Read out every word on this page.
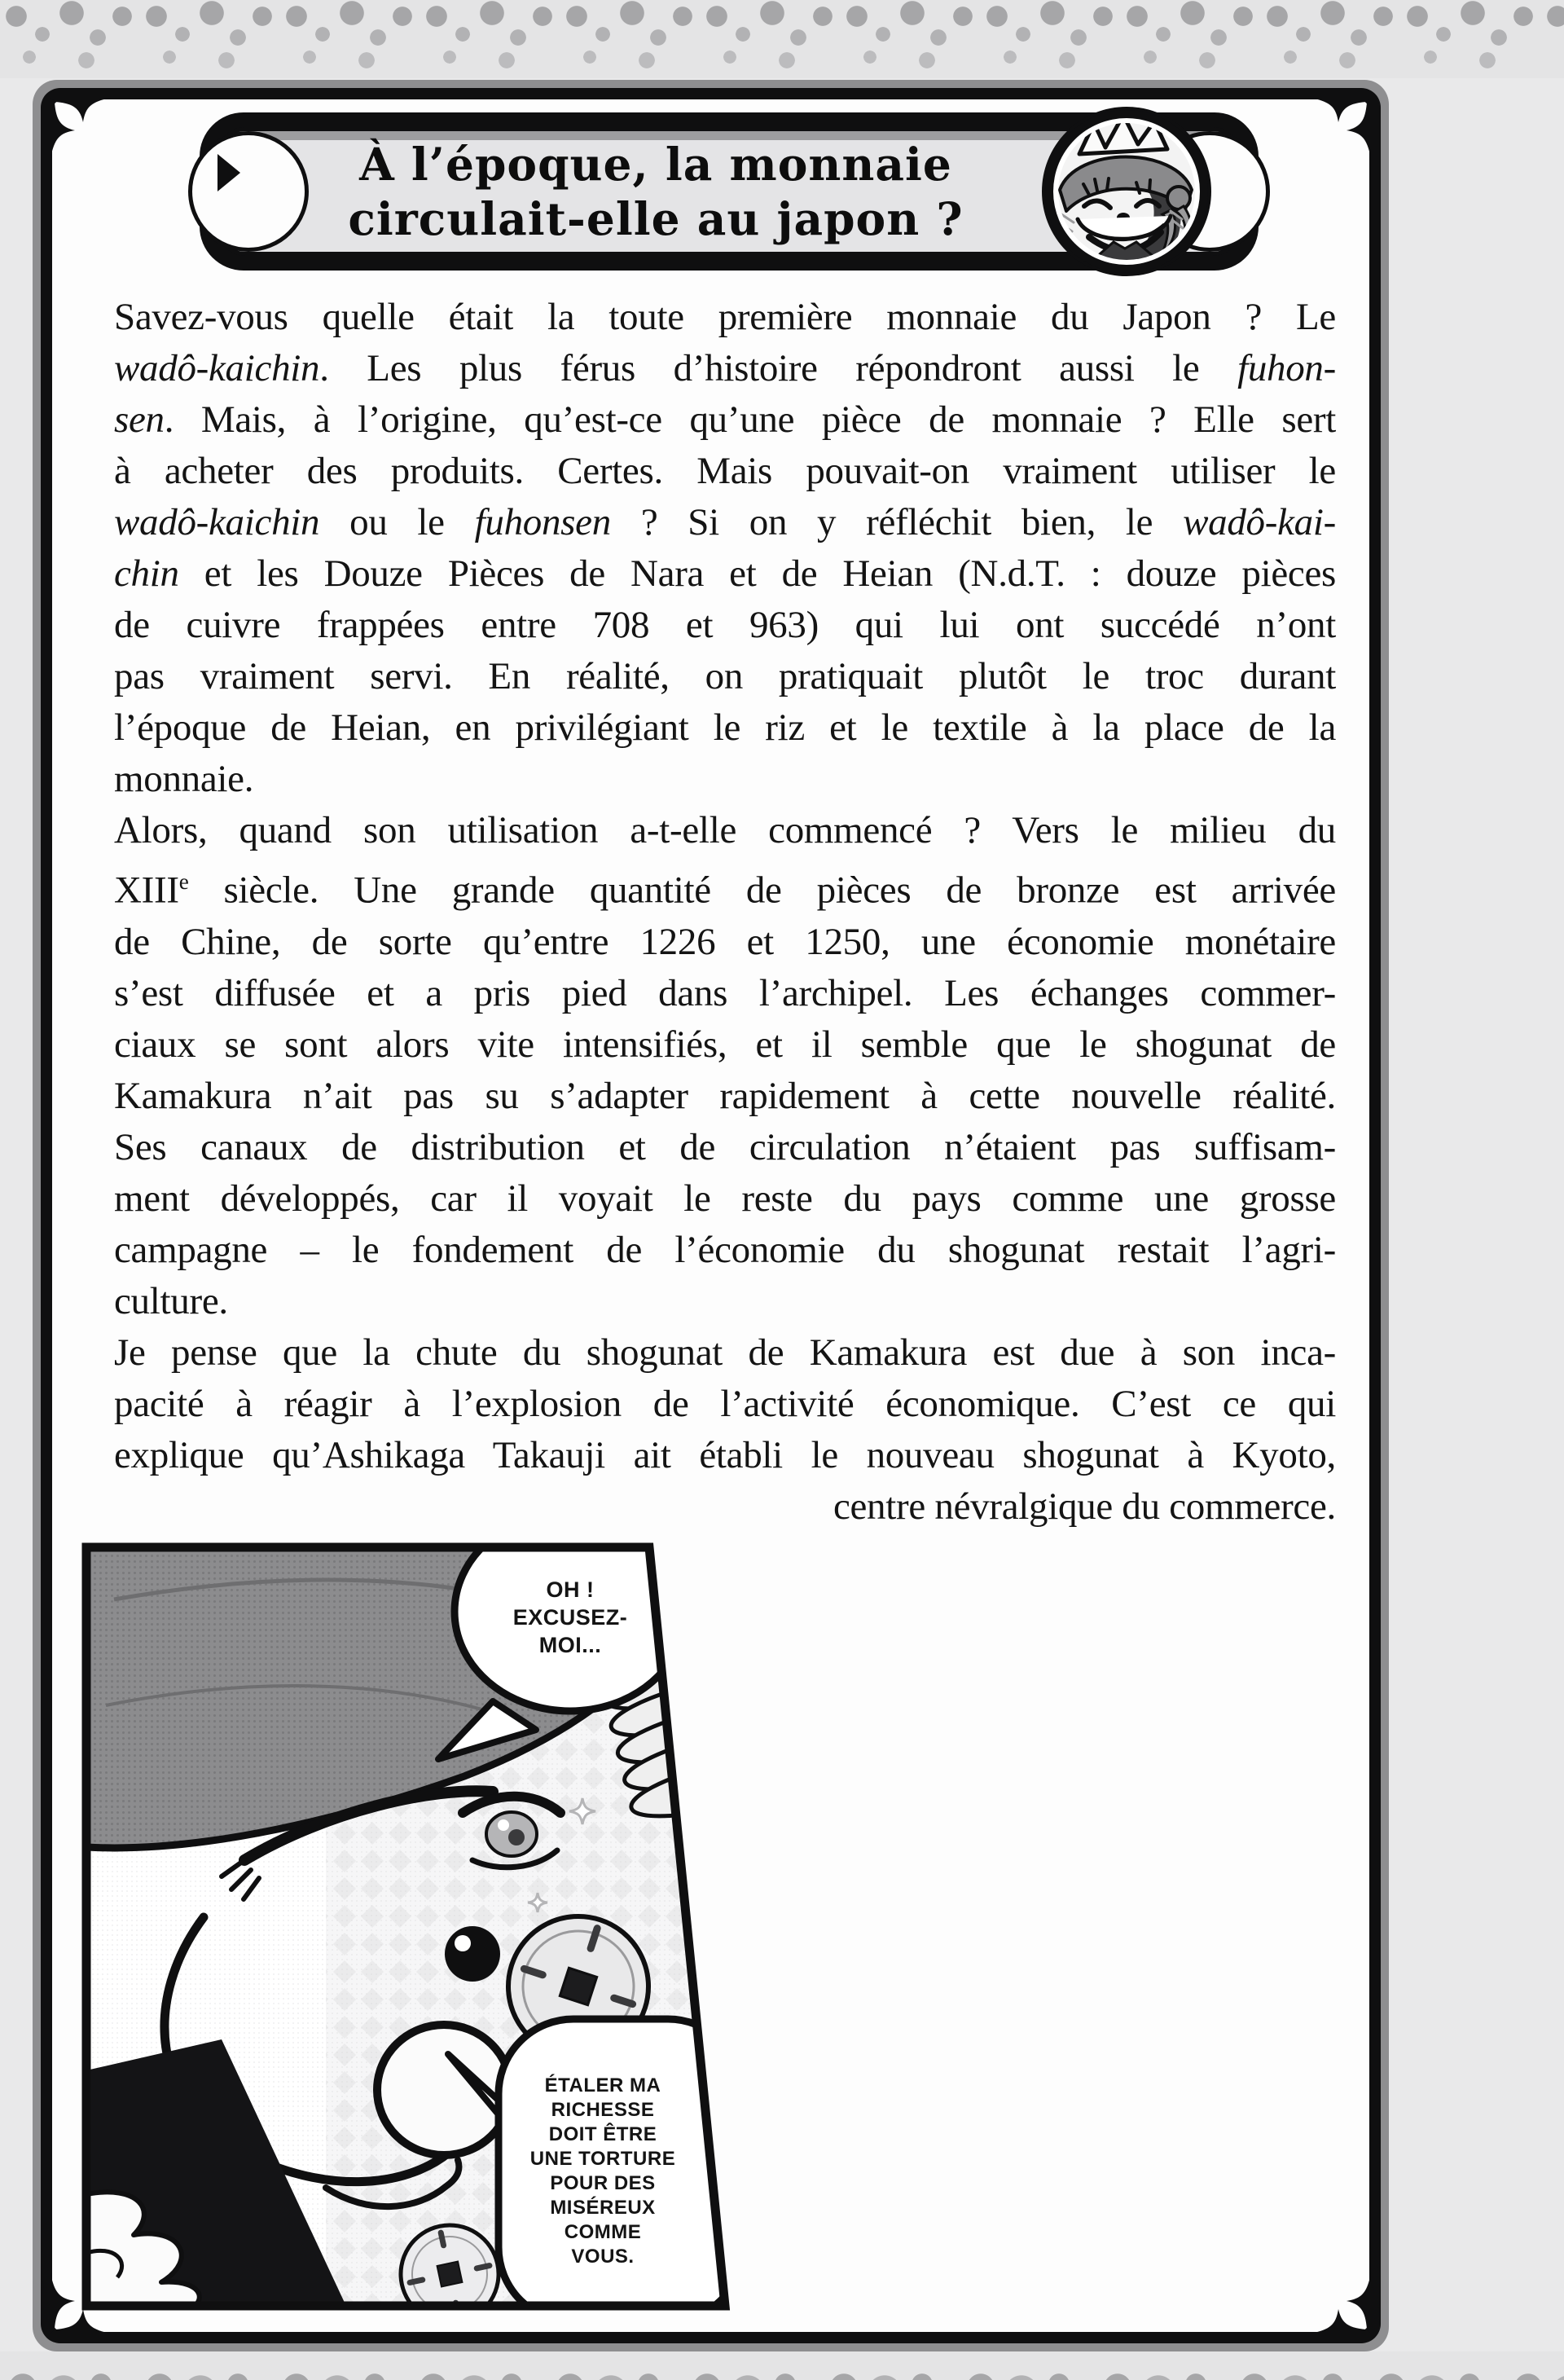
À l’époque, la monnaie
circulait-elle au japon ?
Savez-vous quelle était la toute première monnaie du Japon ? Le
wadô-kaichin. Les plus férus d’histoire répondront aussi le fuhon-
sen. Mais, à l’origine, qu’est-ce qu’une pièce de monnaie ? Elle sert
à acheter des produits. Certes. Mais pouvait-on vraiment utiliser le
wadô-kaichin ou le fuhonsen ? Si on y réfléchit bien, le wadô-kai-
chin et les Douze Pièces de Nara et de Heian (N.d.T. : douze pièces
de cuivre frappées entre 708 et 963) qui lui ont succédé n’ont
pas vraiment servi. En réalité, on pratiquait plutôt le troc durant
l’époque de Heian, en privilégiant le riz et le textile à la place de la
monnaie.
Alors, quand son utilisation a-t-elle commencé ? Vers le milieu du
XIIIe siècle. Une grande quantité de pièces de bronze est arrivée
de Chine, de sorte qu’entre 1226 et 1250, une économie monétaire
s’est diffusée et a pris pied dans l’archipel. Les échanges commer-
ciaux se sont alors vite intensifiés, et il semble que le shogunat de
Kamakura n’ait pas su s’adapter rapidement à cette nouvelle réalité.
Ses canaux de distribution et de circulation n’étaient pas suffisam-
ment développés, car il voyait le reste du pays comme une grosse
campagne – le fondement de l’économie du shogunat restait l’agri-
culture.
Je pense que la chute du shogunat de Kamakura est due à son inca-
pacité à réagir à l’explosion de l’activité économique. C’est ce qui
explique qu’Ashikaga Takauji ait établi le nouveau shogunat à Kyoto,
centre névralgique du commerce.
OH !
EXCUSEZ-
MOI...
ÉTALER MA
RICHESSE
DOIT ÊTRE
UNE TORTURE
POUR DES
MISÉREUX
COMME
VOUS.
